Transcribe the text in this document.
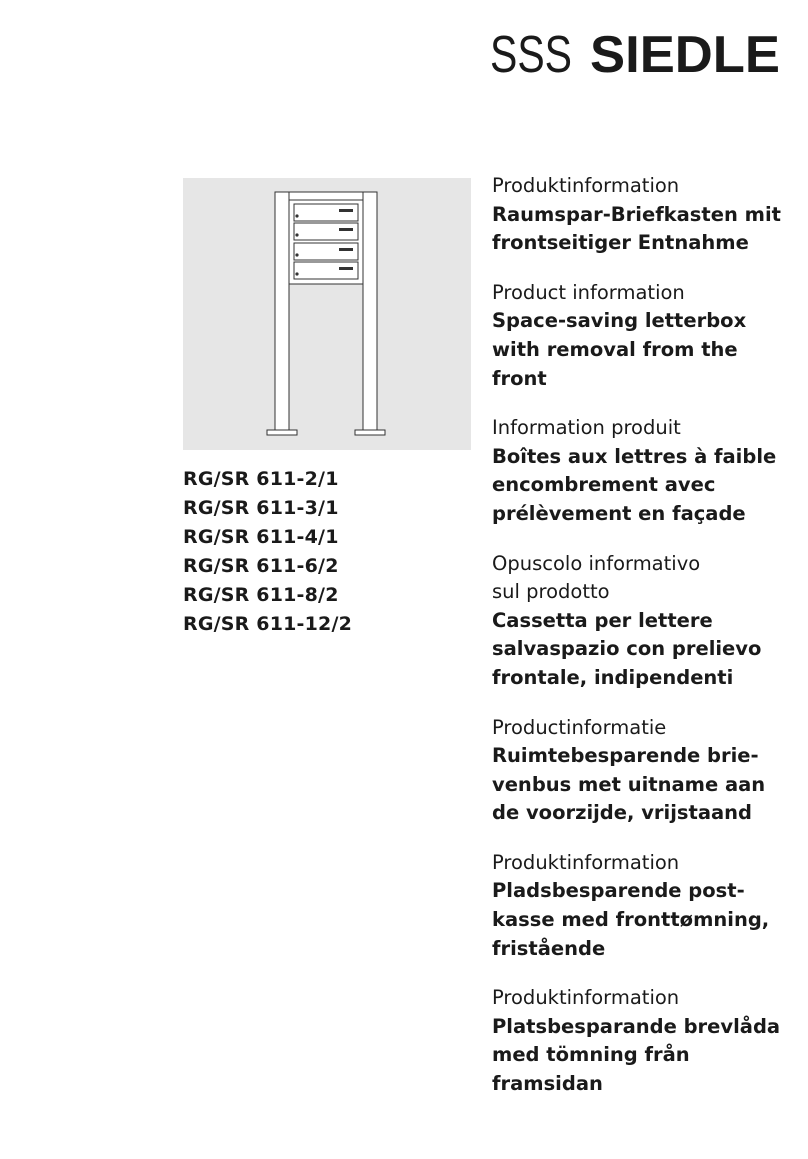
SSS SIEDLE
RG/SR 611-2/1
RG/SR 611-3/1
RG/SR 611-4/1
RG/SR 611-6/2
RG/SR 611-8/2
RG/SR 611-12/2
Produktinformation
Raumspar-Briefkasten mit
frontseitiger Entnahme
Product information
Space-saving letterbox
with removal from the
front
Information produit
Boîtes aux lettres à faible
encombrement avec
prélèvement en façade
Opuscolo informativo
sul prodotto
Cassetta per lettere
salvaspazio con prelievo
frontale, indipendenti
Productinformatie
Ruimtebesparende brie-
venbus met uitname aan
de voorzijde, vrijstaand
Produktinformation
Pladsbesparende post-
kasse med fronttømning,
fristående
Produktinformation
Platsbesparande brevlåda
med tömning från
framsidan
